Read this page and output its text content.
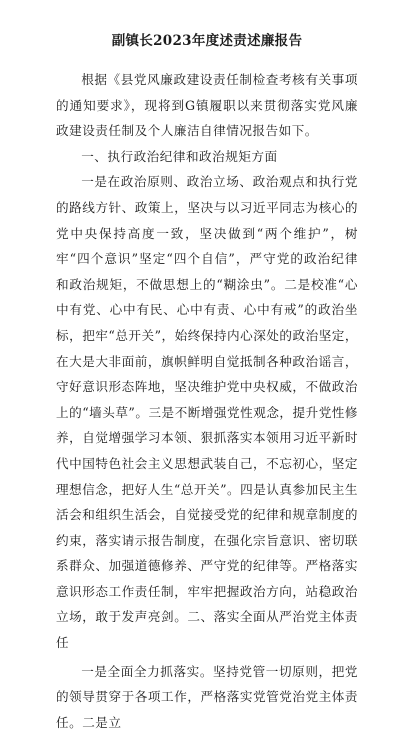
副镇长2023年度述责述廉报告

根据《县党风廉政建设责任制检查考核有关事项的通知要求》，现将到G镇履职以来贯彻落实党风廉政建设责任制及个人廉洁自律情况报告如下。

一、执行政治纪律和政治规矩方面

一是在政治原则、政治立场、政治观点和执行党的路线方针、政策上，坚决与以习近平同志为核心的党中央保持高度一致，坚决做到“两个维护”，树牢“四个意识”坚定“四个自信”，严守党的政治纪律和政治规矩，不做思想上的“糊涂虫”。二是校准“心中有党、心中有民、心中有责、心中有戒”的政治坐标，把牢“总开关”，始终保持内心深处的政治坚定，在大是大非面前，旗帜鲜明自觉抵制各种政治谣言，守好意识形态阵地，坚决维护党中央权威，不做政治上的“墙头草”。三是不断增强党性观念，提升党性修养，自觉增强学习本领、狠抓落实本领用习近平新时代中国特色社会主义思想武装自己，不忘初心，坚定理想信念，把好人生“总开关”。四是认真参加民主生活会和组织生活会，自觉接受党的纪律和规章制度的约束，落实请示报告制度，在强化宗旨意识、密切联系群众、加强道德修养、严守党的纪律等。严格落实意识形态工作责任制，牢牢把握政治方向，站稳政治立场，敢于发声亮剑。二、落实全面从严治党主体责任

一是全面全力抓落实。坚持党管一切原则，把党的领导贯穿于各项工作，严格落实党管党治党主体责任。二是立
